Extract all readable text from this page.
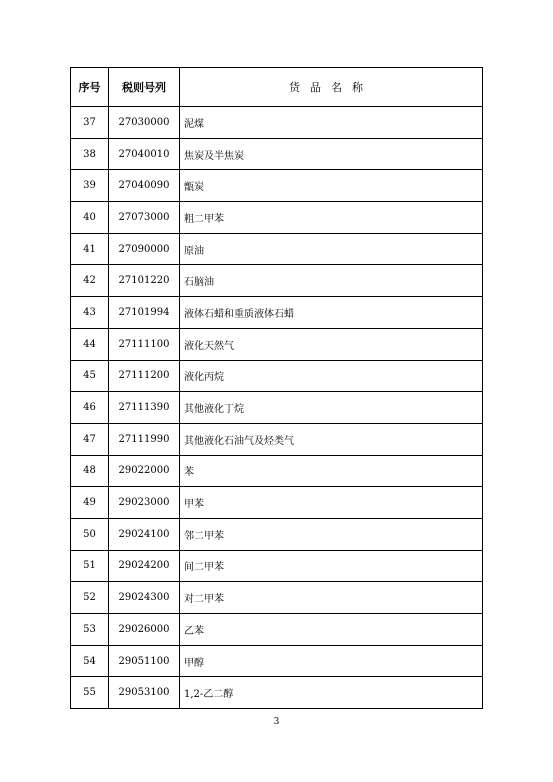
序号	税则号列	货品名称
37	27030000	泥煤
38	27040010	焦炭及半焦炭
39	27040090	甑炭
40	27073000	粗二甲苯
41	27090000	原油
42	27101220	石脑油
43	27101994	液体石蜡和重质液体石蜡
44	27111100	液化天然气
45	27111200	液化丙烷
46	27111390	其他液化丁烷
47	27111990	其他液化石油气及烃类气
48	29022000	苯
49	29023000	甲苯
50	29024100	邻二甲苯
51	29024200	间二甲苯
52	29024300	对二甲苯
53	29026000	乙苯
54	29051100	甲醇
55	29053100	1,2-乙二醇
3
